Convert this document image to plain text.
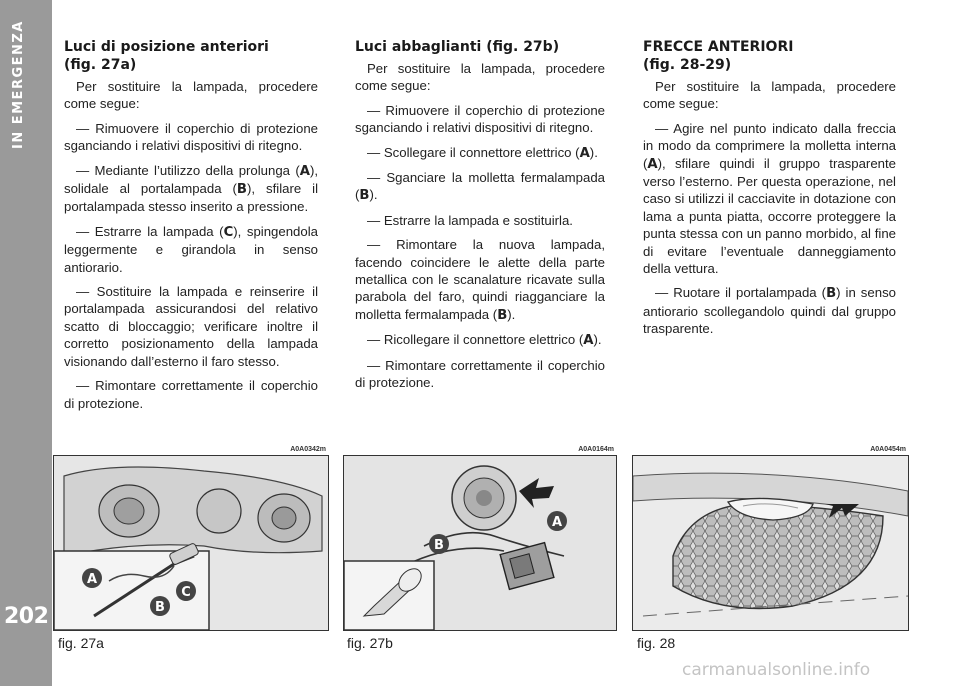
IN EMERGENZA
202
Luci di posizione anteriori
(fig. 27a)

Per sostituire la lampada, procedere come segue:

— Rimuovere il coperchio di protezione sganciando i relativi dispositivi di ritegno.

— Mediante l’utilizzo della prolunga (A), solidale al portalampada (B), sfilare il portalampada stesso inserito a pressione.

— Estrarre la lampada (C), spingendola leggermente e girandola in senso antiorario.

— Sostituire la lampada e reinserire il portalampada assicurandosi del relativo scatto di bloccaggio; verificare inoltre il corretto posizionamento della lampada visionando dall’esterno il faro stesso.

— Rimontare correttamente il coperchio di protezione.

Luci abbaglianti (fig. 27b)

Per sostituire la lampada, procedere come segue:

— Rimuovere il coperchio di protezione sganciando i relativi dispositivi di ritegno.

— Scollegare il connettore elettrico (A).

— Sganciare la molletta fermalampada (B).

— Estrarre la lampada e sostituirla.

— Rimontare la nuova lampada, facendo coincidere le alette della parte metallica con le scanalature ricavate sulla parabola del faro, quindi riagganciare la molletta fermalampada (B).

— Ricollegare il connettore elettrico (A).

— Rimontare correttamente il coperchio di protezione.

FRECCE ANTERIORI
(fig. 28-29)

Per sostituire la lampada, procedere come segue:

— Agire nel punto indicato dalla freccia in modo da comprimere la molletta interna (A), sfilare quindi il gruppo trasparente verso l’esterno. Per questa operazione, nel caso si utilizzi il cacciavite in dotazione con lama a punta piatta, occorre proteggere la punta stessa con un panno morbido, al fine di evitare l’eventuale danneggiamento della vettura.

— Ruotare il portalampada (B) in senso antiorario scollegandolo quindi dal gruppo trasparente.

A0A0342m	A0A0164m	A0A0454m
A
B
C
A
B
fig. 27a	fig. 27b	fig. 28
carmanualsonline.info
